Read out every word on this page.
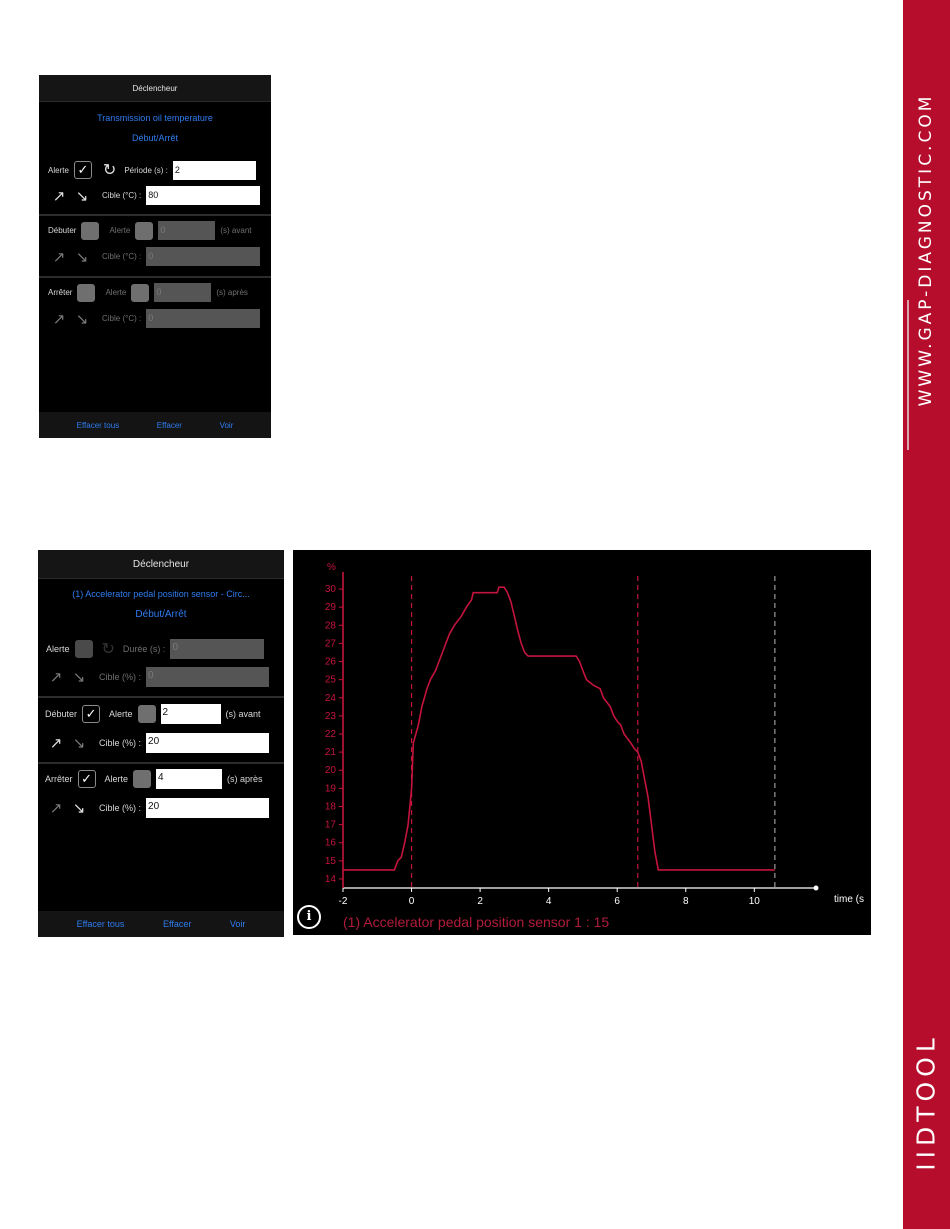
WWW.GAP-DIAGNOSTIC.COM
IIDTOOL
Déclencheur
Transmission oil temperature
Début/Arrêt
Alerte ✓ ↻ Période (s) : 2
↗ ↘	Cible (°C) : 80
Débuter	Alerte	0	(s) avant
↗ ↘	Cible (°C) : 0
Arrêter	Alerte	0	(s) après
↗ ↘	Cible (°C) : 0
Effacer tous	Effacer	Voir
Déclencheur
(1) Accelerator pedal position sensor - Circ...
Début/Arrêt
Alerte ↻ Durée (s) : 0
↗ ↘	Cible (%) : 0
Débuter ✓	Alerte	2	(s) avant
↗ ↘	Cible (%) : 20
Arrêter ✓	Alerte	4	(s) après
↗ ↘	Cible (%) : 20
Effacer tous	Effacer	Voir
14
15
16
17
18
19
20
21
22
23
24
25
26
27
28
29
30
%
-2	0	2	4	6	8	10	time (s
i	(1) Accelerator pedal position sensor 1 : 15
